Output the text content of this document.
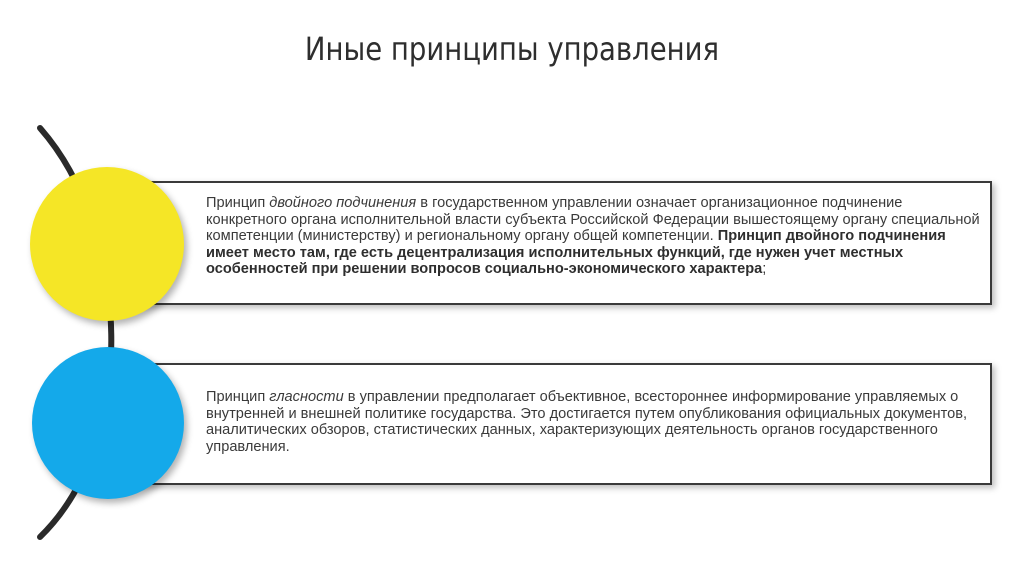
Иные принципы управления
Принцип двойного подчинения в государственном управлении означает организационное подчинение конкретного органа исполнительной власти субъекта Российской Федерации вышестоящему органу специальной компетенции (министерству) и региональному органу общей компетенции. Принцип двойного подчинения имеет место там, где есть децентрализация исполнительных функций, где нужен учет местных особенностей при решении вопросов социально-экономического характера;
Принцип гласности в управлении предполагает объективное, всестороннее информирование управляемых о внутренней и внешней политике государства. Это достигается путем опубликования официальных документов, аналитических обзоров, статистических данных, характеризующих деятельность органов государственного управления.
